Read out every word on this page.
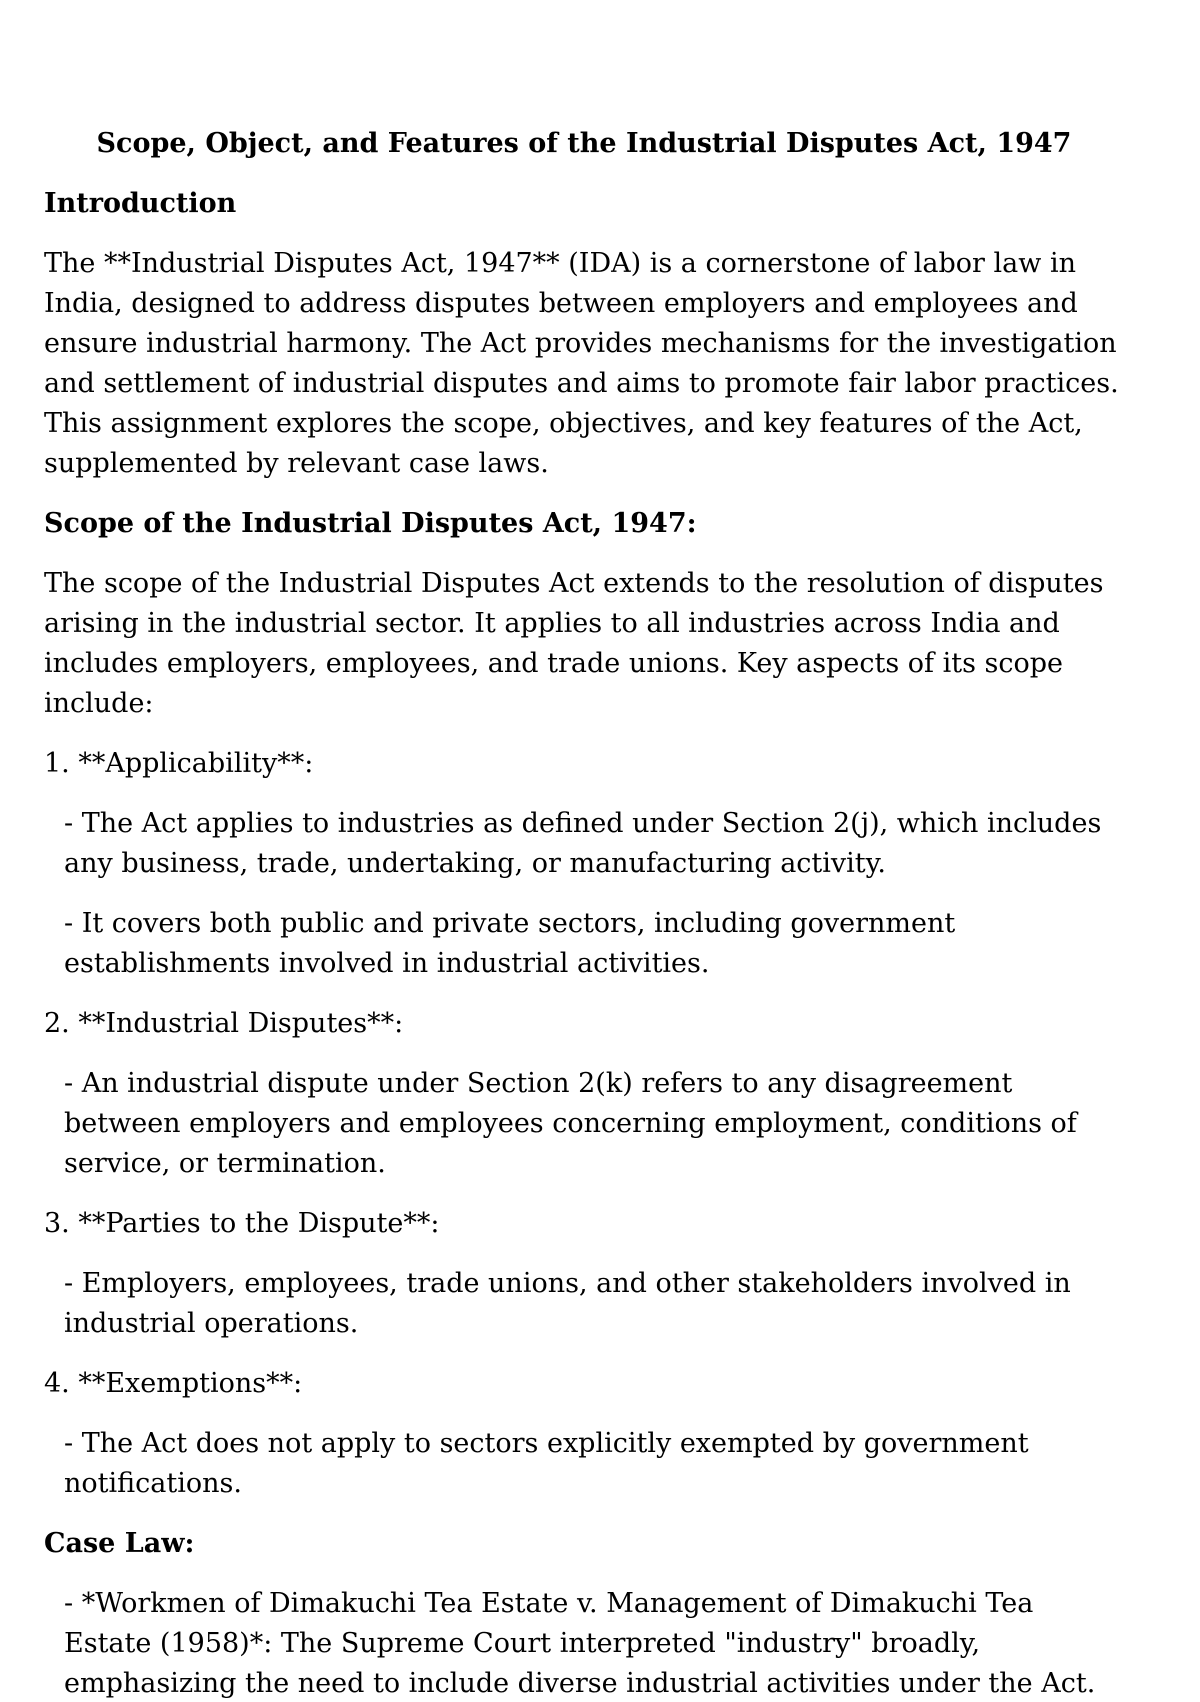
Scope, Object, and Features of the Industrial Disputes Act, 1947
Introduction

The **Industrial Disputes Act, 1947** (IDA) is a cornerstone of labor law in India, designed to address disputes between employers and employees and ensure industrial harmony. The Act provides mechanisms for the investigation and settlement of industrial disputes and aims to promote fair labor practices. This assignment explores the scope, objectives, and key features of the Act, supplemented by relevant case laws.

Scope of the Industrial Disputes Act, 1947:

The scope of the Industrial Disputes Act extends to the resolution of disputes arising in the industrial sector. It applies to all industries across India and includes employers, employees, and trade unions. Key aspects of its scope include:

1. **Applicability**:

- The Act applies to industries as defined under Section 2(j), which includes any business, trade, undertaking, or manufacturing activity.

- It covers both public and private sectors, including government establishments involved in industrial activities.

2. **Industrial Disputes**:

- An industrial dispute under Section 2(k) refers to any disagreement between employers and employees concerning employment, conditions of service, or termination.

3. **Parties to the Dispute**:

- Employers, employees, trade unions, and other stakeholders involved in industrial operations.

4. **Exemptions**:

- The Act does not apply to sectors explicitly exempted by government notifications.

Case Law:

- *Workmen of Dimakuchi Tea Estate v. Management of Dimakuchi Tea Estate (1958)*: The Supreme Court interpreted "industry" broadly, emphasizing the need to include diverse industrial activities under the Act.
